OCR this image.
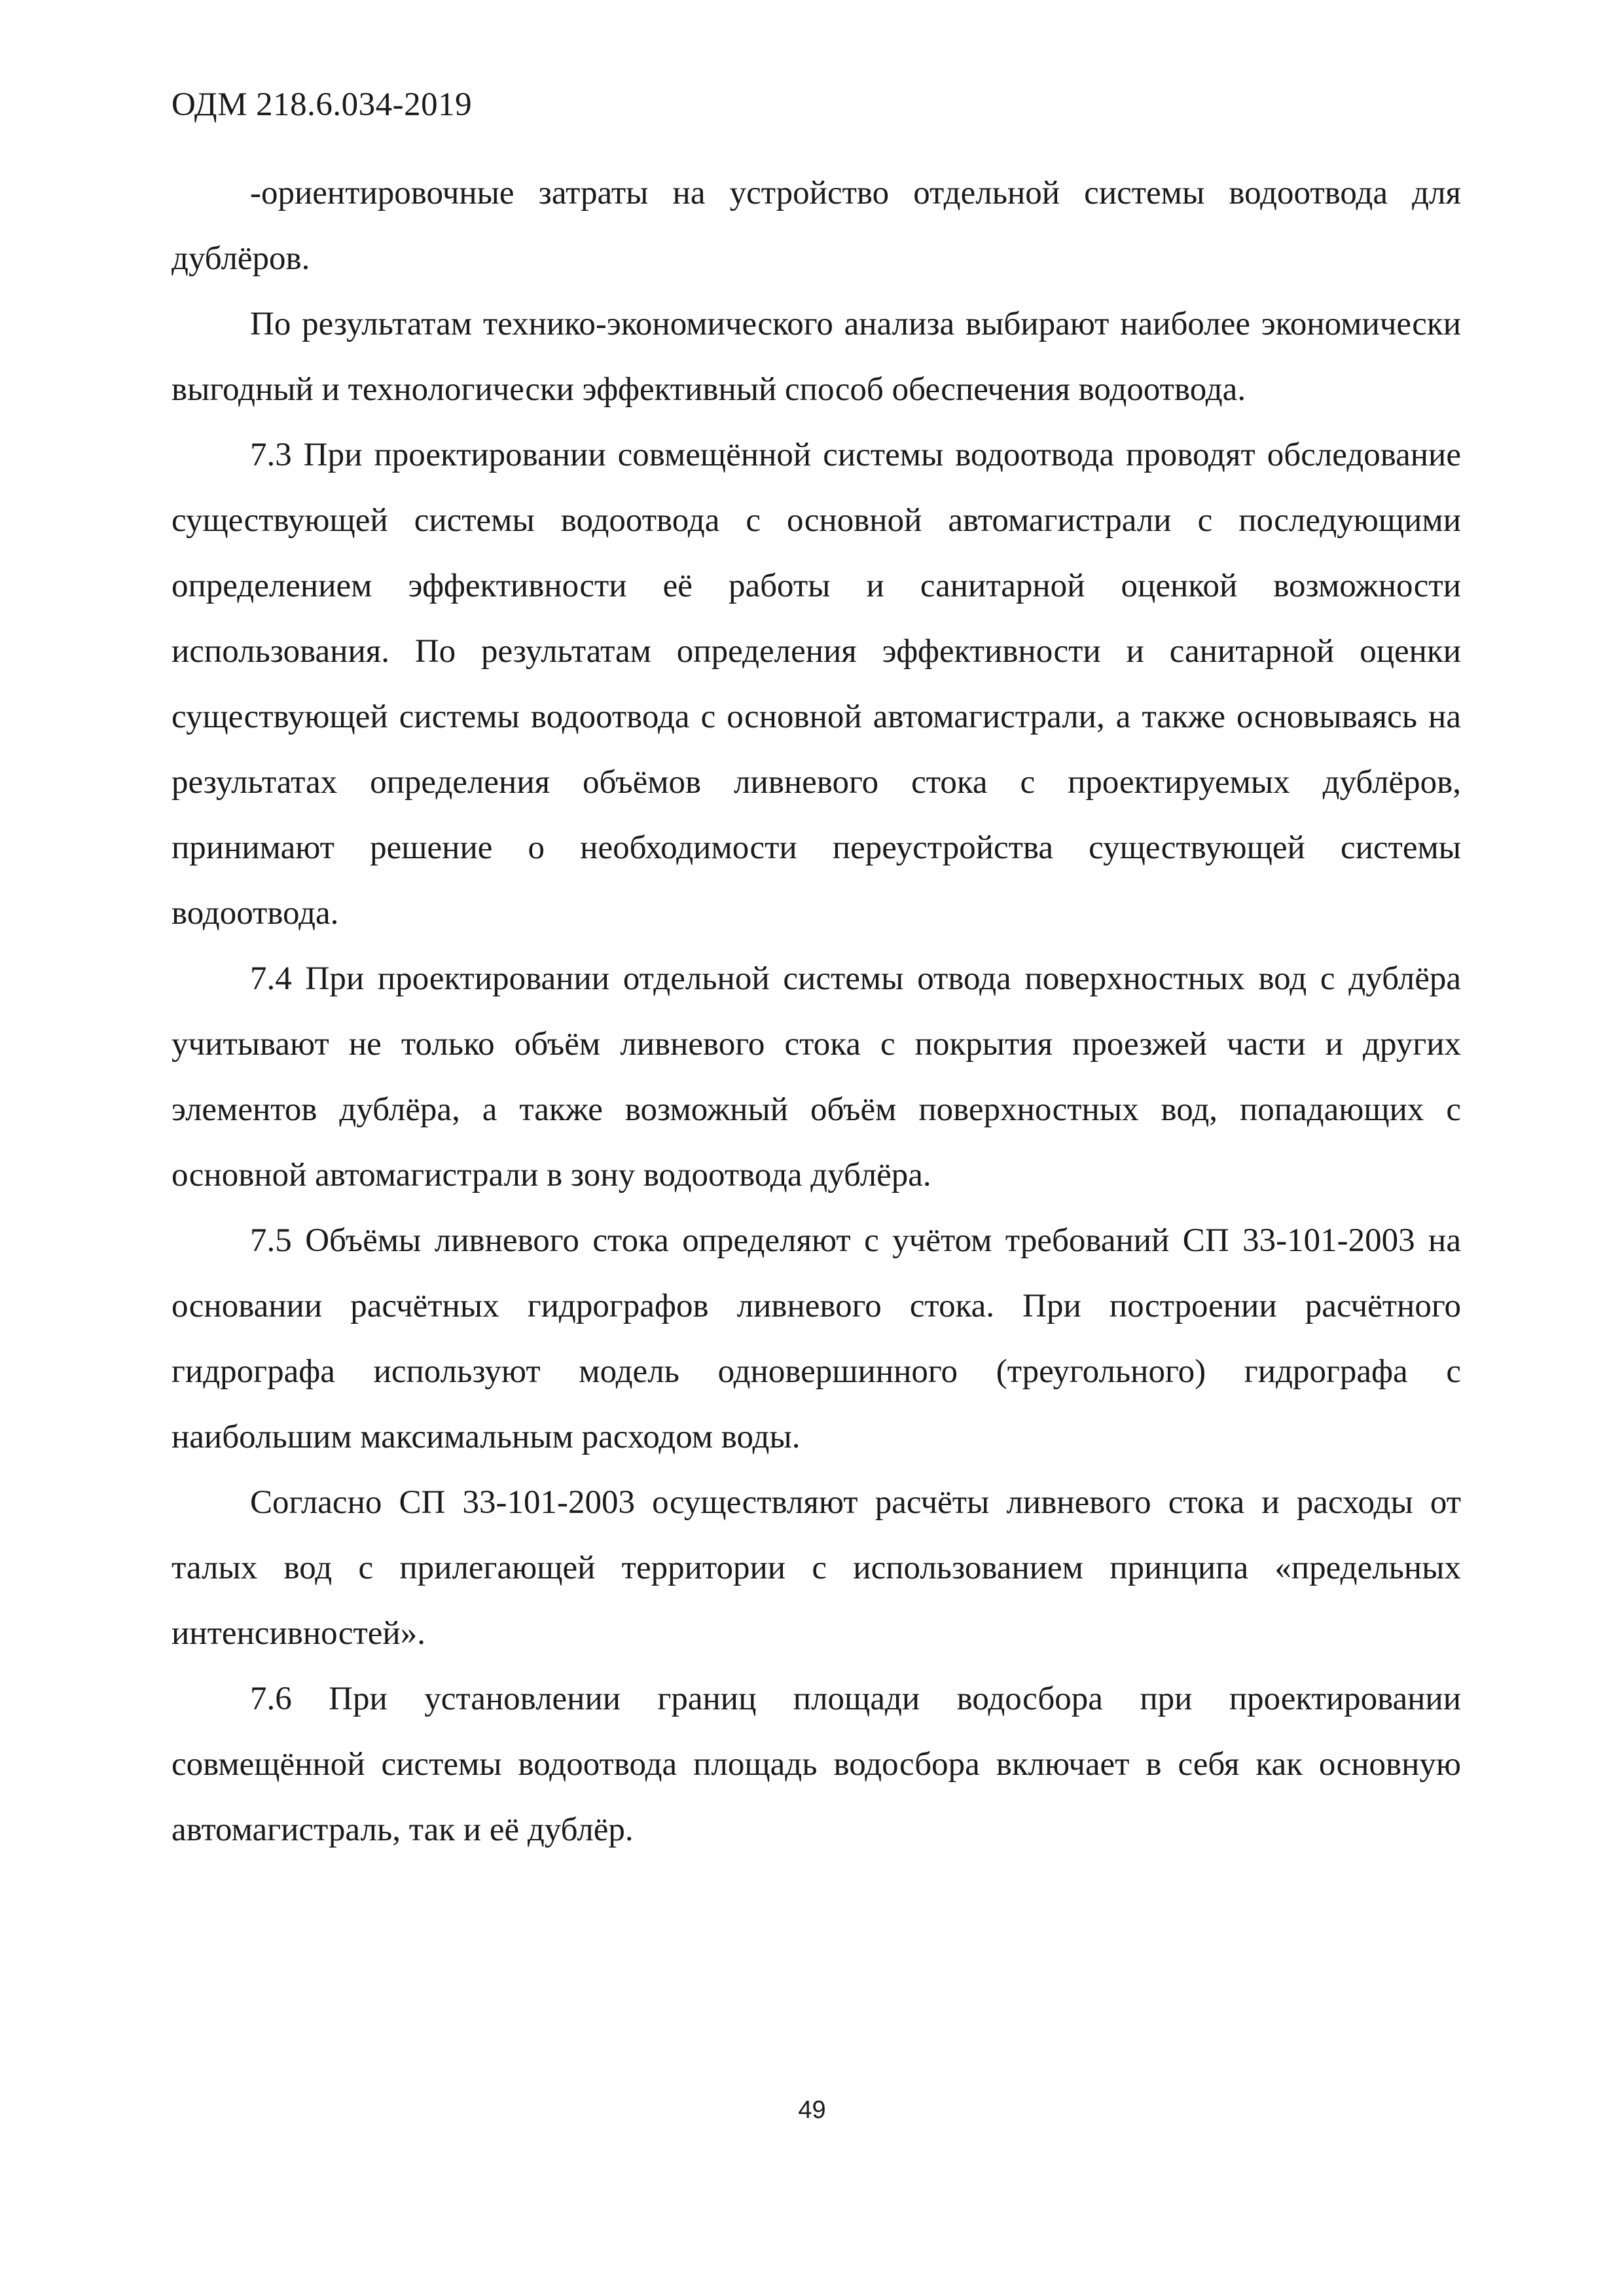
ОДМ 218.6.034-2019

-ориентировочные затраты на устройство отдельной системы водоотвода для дублёров.

По результатам технико-экономического анализа выбирают наиболее экономически выгодный и технологически эффективный способ обеспечения водоотвода.

7.3 При проектировании совмещённой системы водоотвода проводят обследование существующей системы водоотвода с основной автомагистрали с последующими определением эффективности её работы и санитарной оценкой возможности использования. По результатам определения эффективности и санитарной оценки существующей системы водоотвода с основной автомагистрали, а также основываясь на результатах определения объёмов ливневого стока с проектируемых дублёров, принимают решение о необходимости переустройства существующей системы водоотвода.

7.4 При проектировании отдельной системы отвода поверхностных вод с дублёра учитывают не только объём ливневого стока с покрытия проезжей части и других элементов дублёра, а также возможный объём поверхностных вод, попадающих с основной автомагистрали в зону водоотвода дублёра.

7.5 Объёмы ливневого стока определяют с учётом требований СП 33-101-2003 на основании расчётных гидрографов ливневого стока. При построении расчётного гидрографа используют модель одновершинного (треугольного) гидрографа с наибольшим максимальным расходом воды.

Согласно СП 33-101-2003 осуществляют расчёты ливневого стока и расходы от талых вод с прилегающей территории с использованием принципа «предельных интенсивностей».

7.6 При установлении границ площади водосбора при проектировании совмещённой системы водоотвода площадь водосбора включает в себя как основную автомагистраль, так и её дублёр.

49
